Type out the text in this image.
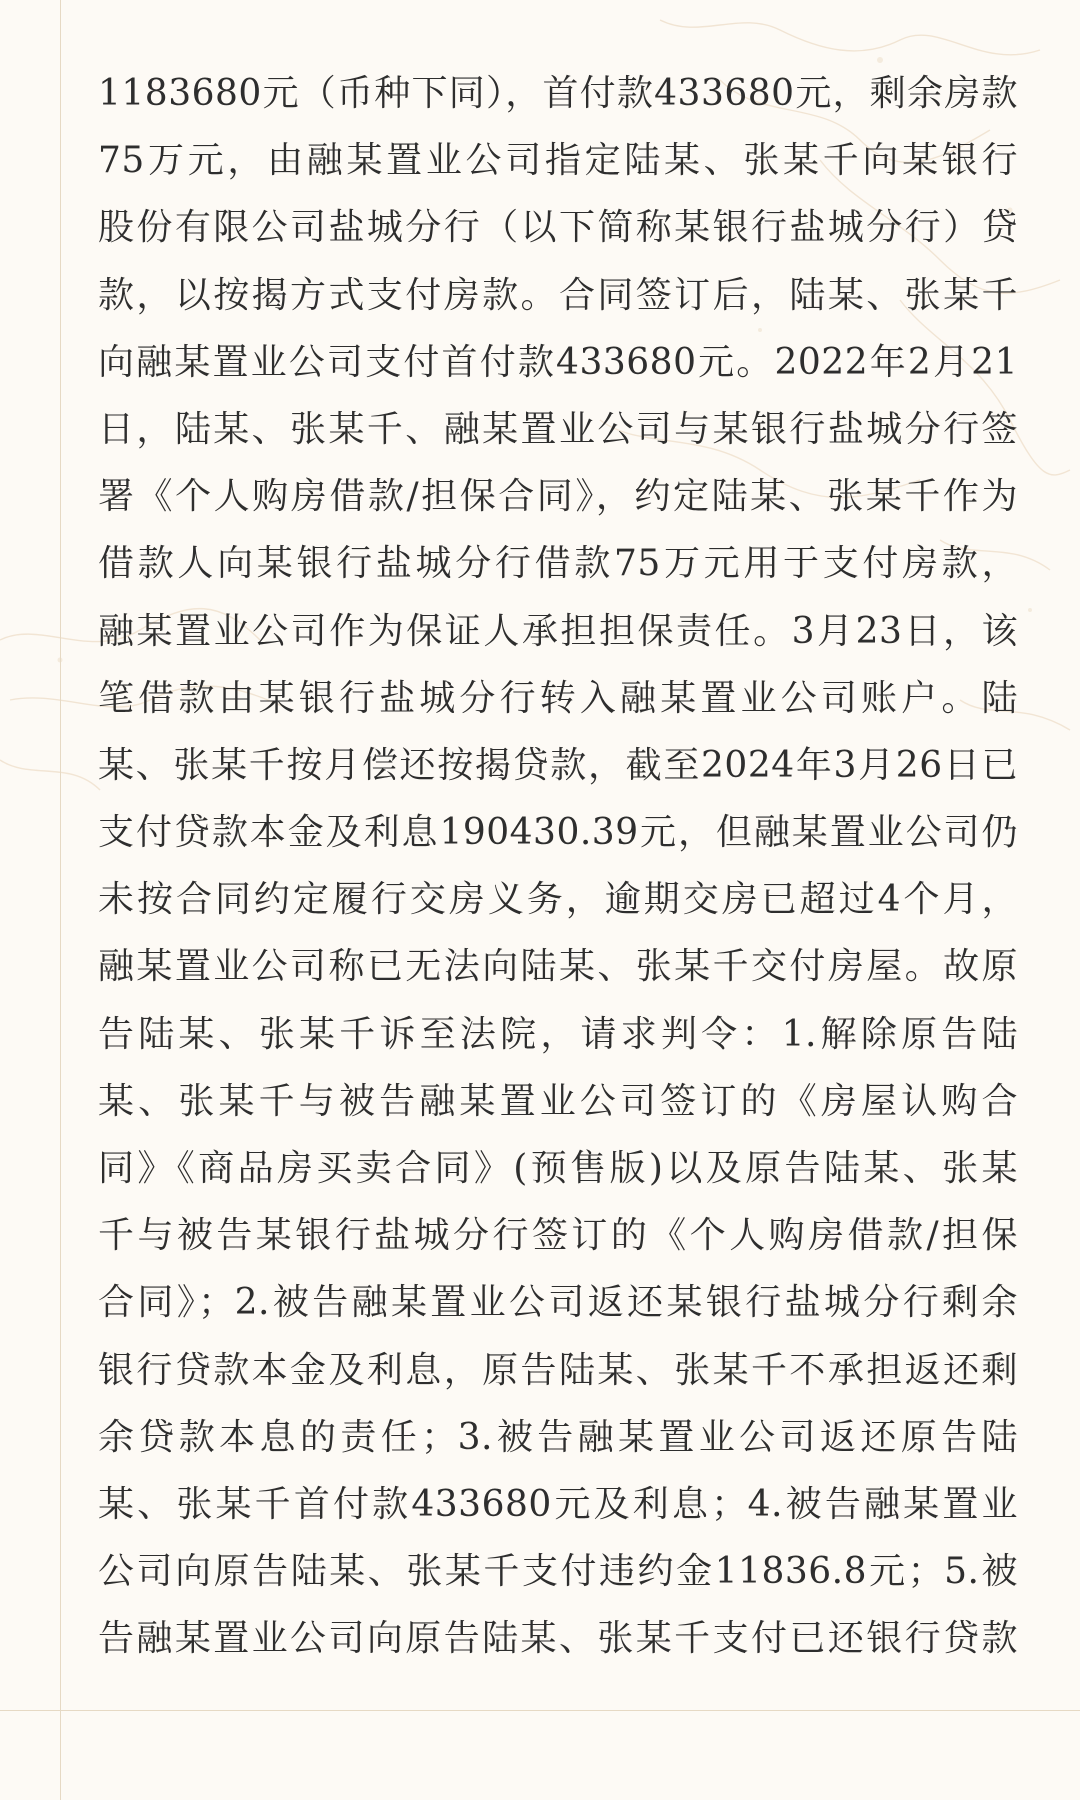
1183680元（币种下同），首付款433680元，剩余房款
75万元，由融某置业公司指定陆某、张某千向某银行
股份有限公司盐城分行（以下简称某银行盐城分行）贷
款，以按揭方式支付房款。合同签订后，陆某、张某千
向融某置业公司支付首付款433680元。2022年2月21
日，陆某、张某千、融某置业公司与某银行盐城分行签
署《个人购房借款/担保合同》，约定陆某、张某千作为
借款人向某银行盐城分行借款75万元用于支付房款，
融某置业公司作为保证人承担担保责任。3月23日，该
笔借款由某银行盐城分行转入融某置业公司账户。陆
某、张某千按月偿还按揭贷款，截至2024年3月26日已
支付贷款本金及利息190430.39元，但融某置业公司仍
未按合同约定履行交房义务，逾期交房已超过4个月，
融某置业公司称已无法向陆某、张某千交付房屋。故原
告陆某、张某千诉至法院，请求判令：1.解除原告陆
某、张某千与被告融某置业公司签订的《房屋认购合
同》《商品房买卖合同》(预售版)以及原告陆某、张某
千与被告某银行盐城分行签订的《个人购房借款/担保
合同》；2.被告融某置业公司返还某银行盐城分行剩余
银行贷款本金及利息，原告陆某、张某千不承担返还剩
余贷款本息的责任；3.被告融某置业公司返还原告陆
某、张某千首付款433680元及利息；4.被告融某置业
公司向原告陆某、张某千支付违约金11836.8元；5.被
告融某置业公司向原告陆某、张某千支付已还银行贷款
